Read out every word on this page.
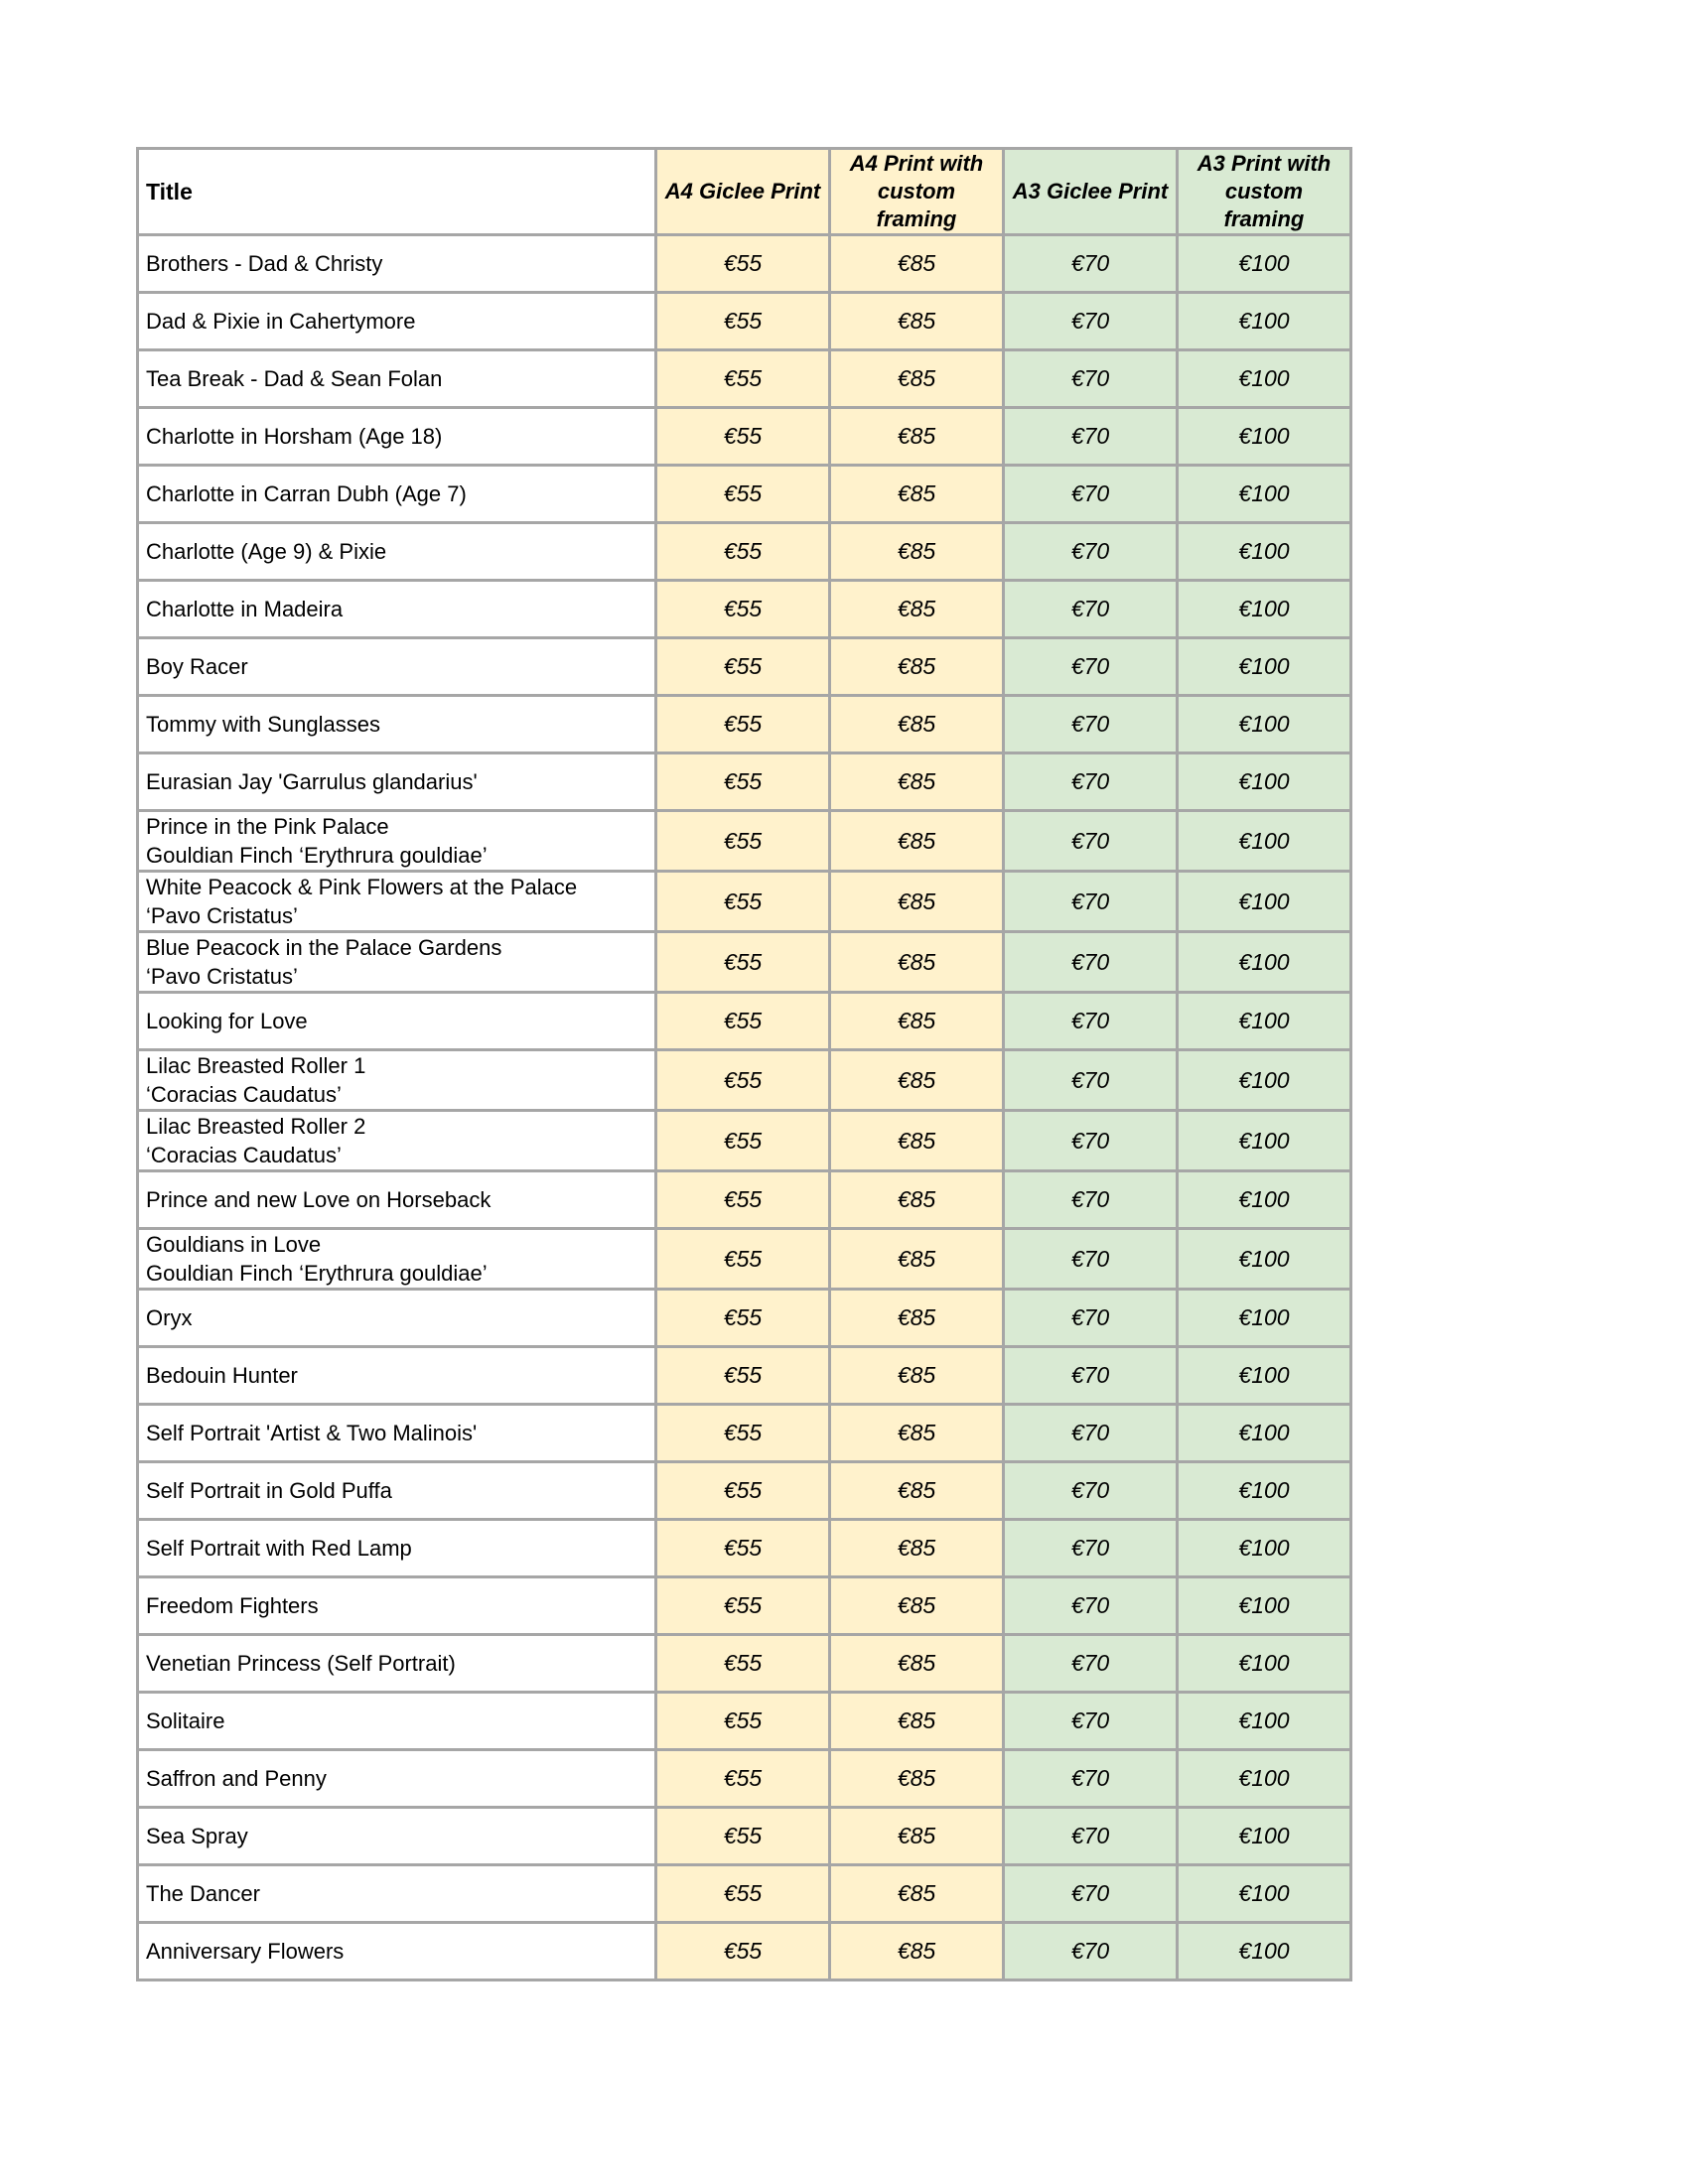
Title	A4 Giclee Print	A4 Print with custom framing	A3 Giclee Print	A3 Print with custom framing

Brothers - Dad & Christy	€55	€85	€70	€100

Dad & Pixie in Cahertymore	€55	€85	€70	€100

Tea Break - Dad & Sean Folan	€55	€85	€70	€100

Charlotte in Horsham (Age 18)	€55	€85	€70	€100

Charlotte in Carran Dubh (Age 7)	€55	€85	€70	€100

Charlotte (Age 9) & Pixie	€55	€85	€70	€100

Charlotte in Madeira	€55	€85	€70	€100

Boy Racer	€55	€85	€70	€100

Tommy with Sunglasses	€55	€85	€70	€100

Eurasian Jay 'Garrulus glandarius'	€55	€85	€70	€100

Prince in the Pink Palace
Gouldian Finch ‘Erythrura gouldiae’	€55	€85	€70	€100

White Peacock & Pink Flowers at the Palace
‘Pavo Cristatus’	€55	€85	€70	€100

Blue Peacock in the Palace Gardens
‘Pavo Cristatus’	€55	€85	€70	€100

Looking for Love	€55	€85	€70	€100

Lilac Breasted Roller 1
‘Coracias Caudatus’	€55	€85	€70	€100

Lilac Breasted Roller 2
‘Coracias Caudatus’	€55	€85	€70	€100

Prince and new Love on Horseback	€55	€85	€70	€100

Gouldians in Love
Gouldian Finch ‘Erythrura gouldiae’	€55	€85	€70	€100

Oryx	€55	€85	€70	€100

Bedouin Hunter	€55	€85	€70	€100

Self Portrait 'Artist & Two Malinois'	€55	€85	€70	€100

Self Portrait in Gold Puffa	€55	€85	€70	€100

Self Portrait with Red Lamp	€55	€85	€70	€100

Freedom Fighters	€55	€85	€70	€100

Venetian Princess (Self Portrait)	€55	€85	€70	€100

Solitaire	€55	€85	€70	€100

Saffron and Penny	€55	€85	€70	€100

Sea Spray	€55	€85	€70	€100

The Dancer	€55	€85	€70	€100

Anniversary Flowers	€55	€85	€70	€100
